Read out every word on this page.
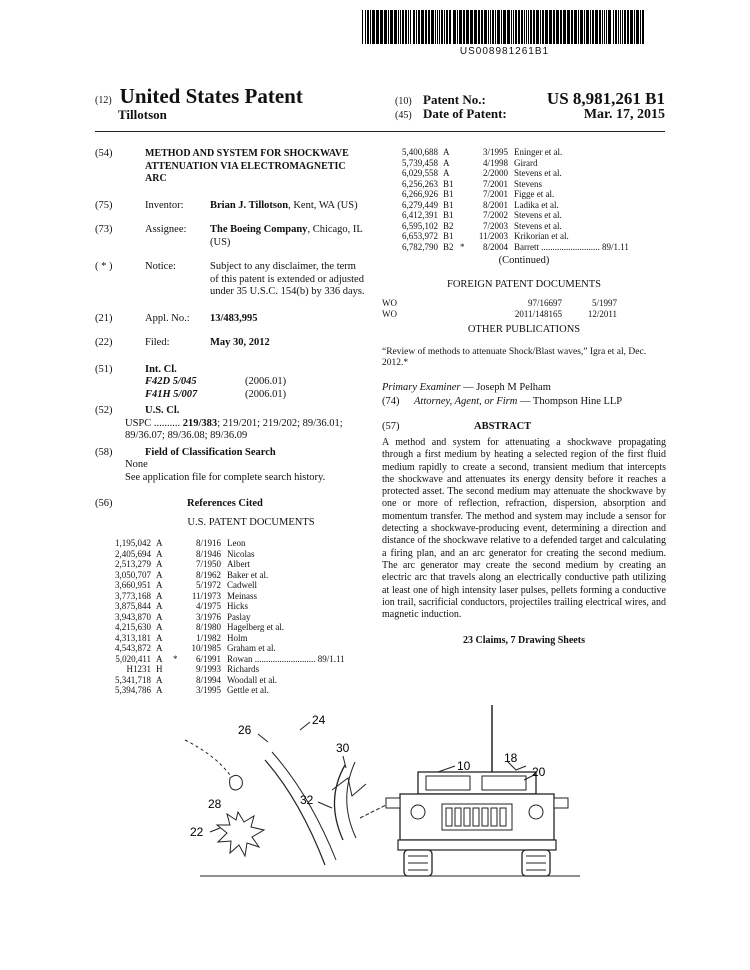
US008981261B1
(12) United States Patent
Tillotson
(10) Patent No.:	US 8,981,261 B1
(45) Date of Patent:	Mar. 17, 2015
(54)	METHOD AND SYSTEM FOR SHOCKWAVE ATTENUATION VIA ELECTROMAGNETIC ARC
(75)	Inventor:	Brian J. Tillotson, Kent, WA (US)
(73)	Assignee:	The Boeing Company, Chicago, IL (US)
( * )	Notice:	Subject to any disclaimer, the term of this patent is extended or adjusted under 35 U.S.C. 154(b) by 336 days.
(21)	Appl. No.:	13/483,995
(22)	Filed:	May 30, 2012
(51)	Int. Cl.
F42D 5/045	(2006.01)
F41H 5/007	(2006.01)
(52)	U.S. Cl.
USPC .......... 219/383; 219/201; 219/202; 89/36.01; 89/36.07; 89/36.08; 89/36.09
(58)	Field of Classification Search
None
See application file for complete search history.
(56)	References Cited
U.S. PATENT DOCUMENTS
1,195,042 A	8/1916 Leon
2,405,694 A	8/1946 Nicolas
2,513,279 A	7/1950 Albert
3,050,707 A	8/1962 Baker et al.
3,660,951 A	5/1972 Cadwell
3,773,168 A	11/1973 Meinass
3,875,844 A	4/1975 Hicks
3,943,870 A	3/1976 Paslay
4,215,630 A	8/1980 Hagelberg et al.
4,313,181 A	1/1982 Holm
4,543,872 A	10/1985 Graham et al.
5,020,411 A	*	6/1991 Rowan ........................... 89/1.11
H1231 H	9/1993 Richards
5,341,718 A	8/1994 Woodall et al.
5,394,786 A	3/1995 Gettle et al.
5,400,688 A	3/1995 Eninger et al.
5,739,458 A	4/1998 Girard
6,029,558 A	2/2000 Stevens et al.
6,256,263 B1	7/2001 Stevens
6,266,926 B1	7/2001 Figge et al.
6,279,449 B1	8/2001 Ladika et al.
6,412,391 B1	7/2002 Stevens et al.
6,595,102 B2	7/2003 Stevens et al.
6,653,972 B1	11/2003 Krikorian et al.
6,782,790 B2 *	8/2004 Barrett .......................... 89/1.11
(Continued)
FOREIGN PATENT DOCUMENTS
WO	97/16697	5/1997
WO	2011/148165	12/2011
OTHER PUBLICATIONS
“Review of methods to attenuate Shock/Blast waves,” Igra et al, Dec. 2012.*
Primary Examiner — Joseph M Pelham
(74)	Attorney, Agent, or Firm — Thompson Hine LLP
(57)	ABSTRACT
A method and system for attenuating a shockwave propagating through a first medium by heating a selected region of the first fluid medium rapidly to create a second, transient medium that intercepts the shockwave and attenuates its energy density before it reaches a protected asset. The second medium may attenuate the shockwave by one or more of reflection, refraction, dispersion, absorption and momentum transfer. The method and system may include a sensor for detecting a shockwave-producing event, determining a direction and distance of the shockwave relative to a defended target and calculating a firing plan, and an arc generator for creating the second medium. The arc generator may create the second medium by creating an electric arc that travels along an electrically conductive path utilizing at least one of high intensity laser pulses, pellets forming a conductive ion trail, sacrificial conductors, projectiles trailing electrical wires, and magnetic induction.
23 Claims, 7 Drawing Sheets
26
24
30
10
18
20
28	32
22
